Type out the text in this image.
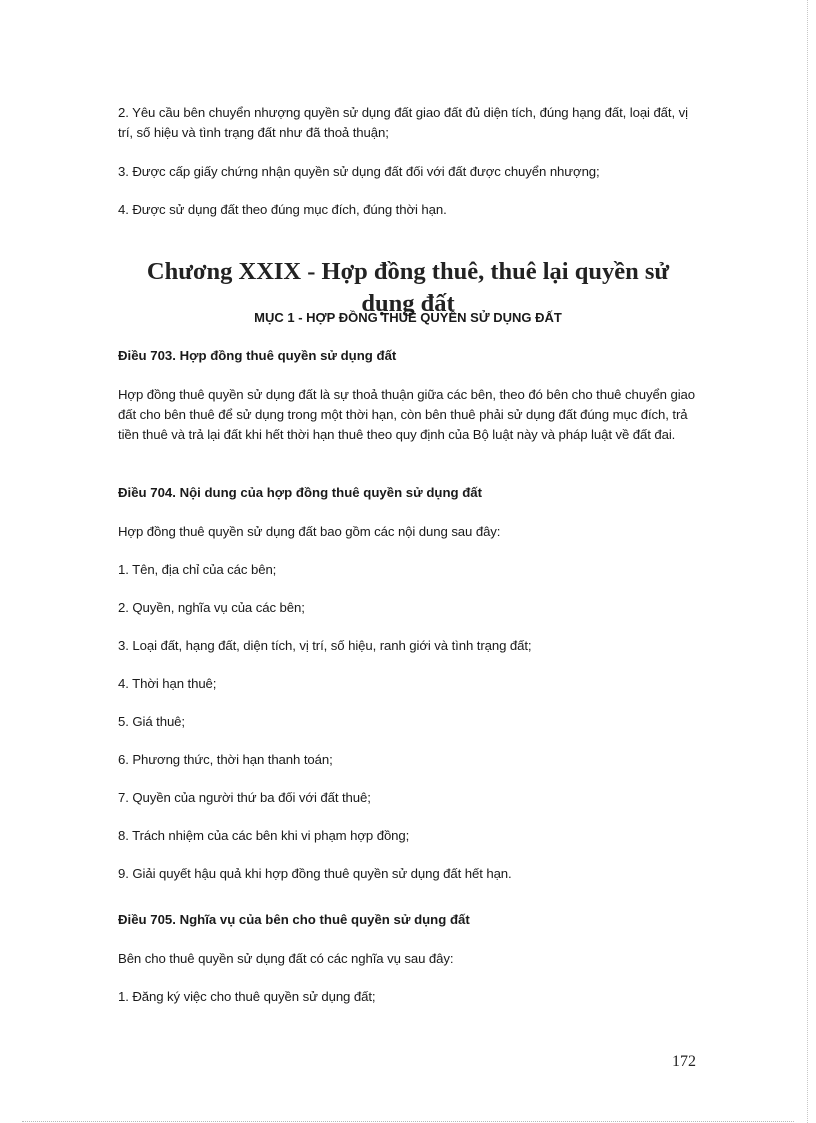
2. Yêu cầu bên chuyển nhượng quyền sử dụng đất giao đất đủ diện tích, đúng hạng đất, loại đất, vị trí, số hiệu và tình trạng đất như đã thoả thuận;

3. Được cấp giấy chứng nhận quyền sử dụng đất đối với đất được chuyển nhượng;

4. Được sử dụng đất theo đúng mục đích, đúng thời hạn.

Chương XXIX - Hợp đồng thuê, thuê lại quyền sử dụng đất
MỤC 1 - HỢP ĐỒNG THUÊ QUYỀN SỬ DỤNG ĐẤT

Điều 703. Hợp đồng thuê quyền sử dụng đất

Hợp đồng thuê quyền sử dụng đất là sự thoả thuận giữa các bên, theo đó bên cho thuê chuyển giao đất cho bên thuê để sử dụng trong một thời hạn, còn bên thuê phải sử dụng đất đúng mục đích, trả tiền thuê và trả lại đất khi hết thời hạn thuê theo quy định của Bộ luật này và pháp luật về đất đai.

Điều 704. Nội dung của hợp đồng thuê quyền sử dụng đất

Hợp đồng thuê quyền sử dụng đất bao gồm các nội dung sau đây:

1. Tên, địa chỉ của các bên;

2. Quyền, nghĩa vụ của các bên;

3. Loại đất, hạng đất, diện tích, vị trí, số hiệu, ranh giới và tình trạng đất;

4. Thời hạn thuê;

5. Giá thuê;

6. Phương thức, thời hạn thanh toán;

7. Quyền của người thứ ba đối với đất thuê;

8. Trách nhiệm của các bên khi vi phạm hợp đồng;

9. Giải quyết hậu quả khi hợp đồng thuê quyền sử dụng đất hết hạn.

Điều 705. Nghĩa vụ của bên cho thuê quyền sử dụng đất

Bên cho thuê quyền sử dụng đất có các nghĩa vụ sau đây:

1. Đăng ký việc cho thuê quyền sử dụng đất;

172
